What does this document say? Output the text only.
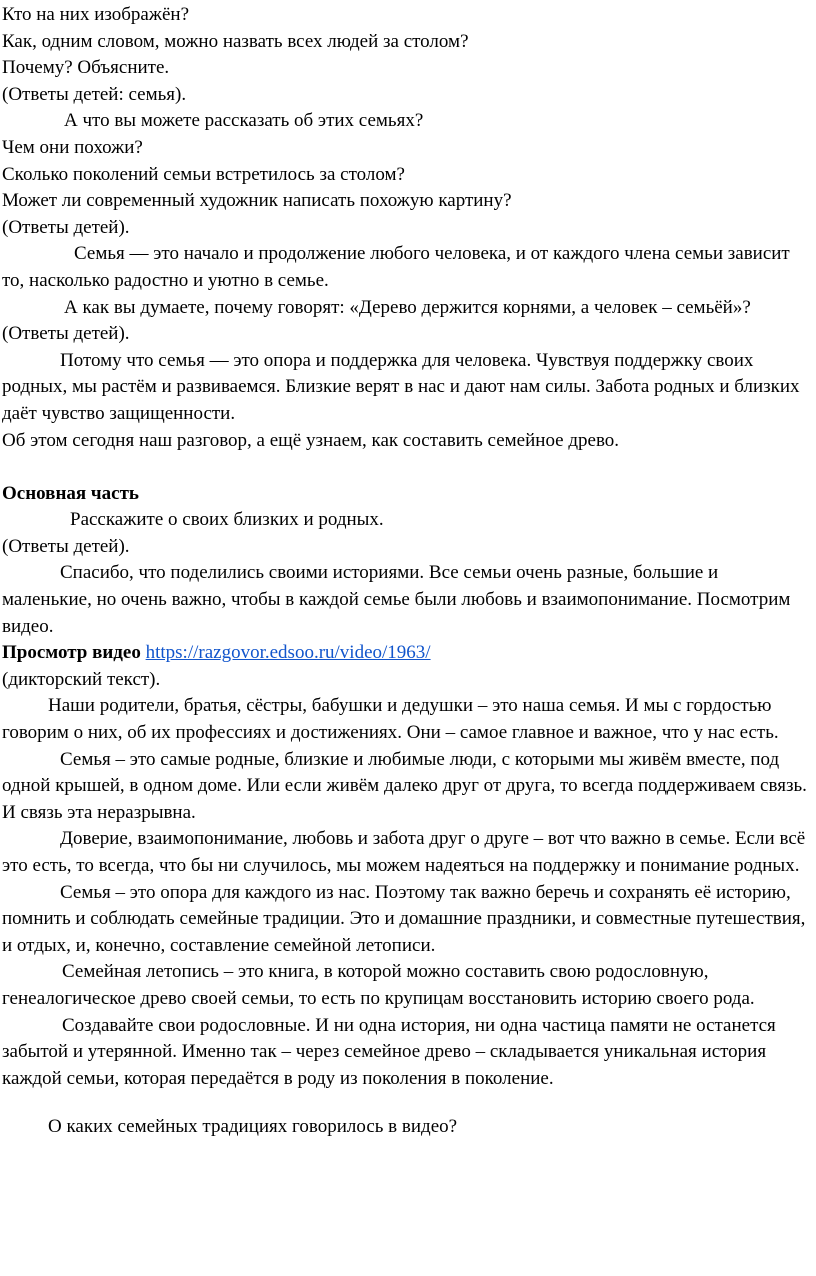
Кто на них изображён?

Как, одним словом, можно назвать всех людей за столом?

Почему? Объясните.

(Ответы детей: семья).

А что вы можете рассказать об этих семьях?

Чем они похожи?

Сколько поколений семьи встретилось за столом?

Может ли современный художник написать похожую картину?

(Ответы детей).

Семья — это начало и продолжение любого человека, и от каждого члена семьи зависит то, насколько радостно и уютно в семье.

А как вы думаете, почему говорят: «Дерево держится корнями, а человек – семьёй»? (Ответы детей).

Потому что семья — это опора и поддержка для человека. Чувствуя поддержку своих родных, мы растём и развиваемся. Близкие верят в нас и дают нам силы. Забота родных и близких даёт чувство защищенности.

Об этом сегодня наш разговор, а ещё узнаем, как составить семейное древо.

Основная часть

Расскажите о своих близких и родных.

(Ответы детей).

Спасибо, что поделились своими историями. Все семьи очень разные, большие и маленькие, но очень важно, чтобы в каждой семье были любовь и взаимопонимание. Посмотрим видео.

Просмотр видео https://razgovor.edsoo.ru/video/1963/

(дикторский текст).

Наши родители, братья, сёстры, бабушки и дедушки – это наша семья. И мы с гордостью говорим о них, об их профессиях и достижениях. Они – самое главное и важное, что у нас есть.

Семья – это самые родные, близкие и любимые люди, с которыми мы живём вместе, под одной крышей, в одном доме. Или если живём далеко друг от друга, то всегда поддерживаем связь. И связь эта неразрывна.

Доверие, взаимопонимание, любовь и забота друг о друге – вот что важно в семье. Если всё это есть, то всегда, что бы ни случилось, мы можем надеяться на поддержку и понимание родных.

Семья – это опора для каждого из нас. Поэтому так важно беречь и сохранять её историю, помнить и соблюдать семейные традиции. Это и домашние праздники, и совместные путешествия, и отдых, и, конечно, составление семейной летописи.

Семейная летопись – это книга, в которой можно составить свою родословную, генеалогическое древо своей семьи, то есть по крупицам восстановить историю своего рода.

Создавайте свои родословные. И ни одна история, ни одна частица памяти не останется забытой и утерянной. Именно так – через семейное древо – складывается уникальная история каждой семьи, которая передаётся в роду из поколения в поколение.

О каких семейных традициях говорилось в видео?
